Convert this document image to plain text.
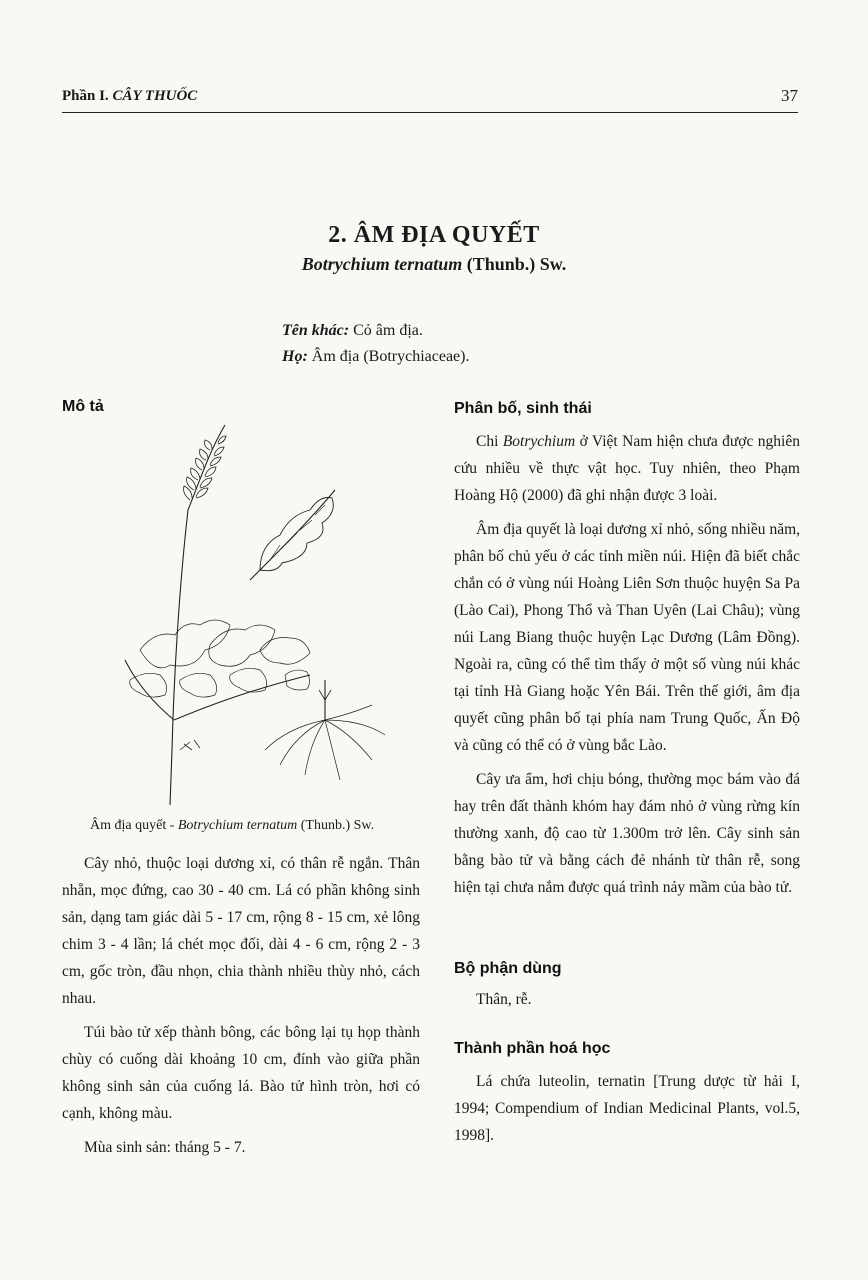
Phần I. CÂY THUỐC	37
2. ÂM ĐỊA QUYẾT
Botrychium ternatum (Thunb.) Sw.
Tên khác: Cỏ âm địa.
Họ: Âm địa (Botrychiaceae).
Mô tả
Âm địa quyết - Botrychium ternatum (Thunb.) Sw.

Cây nhỏ, thuộc loại dương xỉ, có thân rễ ngắn. Thân nhẵn, mọc đứng, cao 30 - 40 cm. Lá có phần không sinh sản, dạng tam giác dài 5 - 17 cm, rộng 8 - 15 cm, xẻ lông chim 3 - 4 lần; lá chét mọc đối, dài 4 - 6 cm, rộng 2 - 3 cm, gốc tròn, đầu nhọn, chia thành nhiều thùy nhỏ, cách nhau.

Túi bào tử xếp thành bông, các bông lại tụ họp thành chùy có cuống dài khoảng 10 cm, đính vào giữa phần không sinh sản của cuống lá. Bào tử hình tròn, hơi có cạnh, không màu.

Mùa sinh sản: tháng 5 - 7.

Phân bố, sinh thái

Chi Botrychium ở Việt Nam hiện chưa được nghiên cứu nhiều về thực vật học. Tuy nhiên, theo Phạm Hoàng Hộ (2000) đã ghi nhận được 3 loài.

Âm địa quyết là loại dương xỉ nhỏ, sống nhiều năm, phân bố chủ yếu ở các tỉnh miền núi. Hiện đã biết chắc chắn có ở vùng núi Hoàng Liên Sơn thuộc huyện Sa Pa (Lào Cai), Phong Thổ và Than Uyên (Lai Châu); vùng núi Lang Biang thuộc huyện Lạc Dương (Lâm Đồng). Ngoài ra, cũng có thể tìm thấy ở một số vùng núi khác tại tỉnh Hà Giang hoặc Yên Bái. Trên thế giới, âm địa quyết cũng phân bố tại phía nam Trung Quốc, Ấn Độ và cũng có thể có ở vùng bắc Lào.

Cây ưa ẩm, hơi chịu bóng, thường mọc bám vào đá hay trên đất thành khóm hay đám nhỏ ở vùng rừng kín thường xanh, độ cao từ 1.300m trở lên. Cây sinh sản bằng bào tử và bằng cách đẻ nhánh từ thân rễ, song hiện tại chưa nắm được quá trình nảy mầm của bào tử.

Bộ phận dùng

Thân, rễ.

Thành phần hoá học

Lá chứa luteolin, ternatin [Trung dược từ hải I, 1994; Compendium of Indian Medicinal Plants, vol.5, 1998].
